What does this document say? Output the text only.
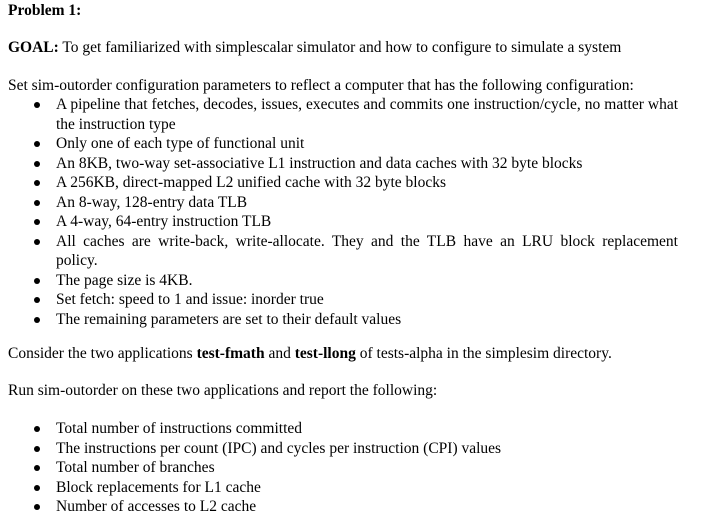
Problem 1:
GOAL: To get familiarized with simplescalar simulator and how to configure to simulate a system
Set sim-outorder configuration parameters to reflect a computer that has the following configuration:
A pipeline that fetches, decodes, issues, executes and commits one instruction/cycle, no matter what the instruction type
Only one of each type of functional unit
An 8KB, two-way set-associative L1 instruction and data caches with 32 byte blocks
A 256KB, direct-mapped L2 unified cache with 32 byte blocks
An 8-way, 128-entry data TLB
A 4-way, 64-entry instruction TLB
All caches are write-back, write-allocate. They and the TLB have an LRU block replacement policy.
The page size is 4KB.
Set fetch: speed to 1 and issue: inorder true
The remaining parameters are set to their default values
Consider the two applications test-fmath and test-llong of tests-alpha in the simplesim directory.
Run sim-outorder on these two applications and report the following:
Total number of instructions committed
The instructions per count (IPC) and cycles per instruction (CPI) values
Total number of branches
Block replacements for L1 cache
Number of accesses to L2 cache
